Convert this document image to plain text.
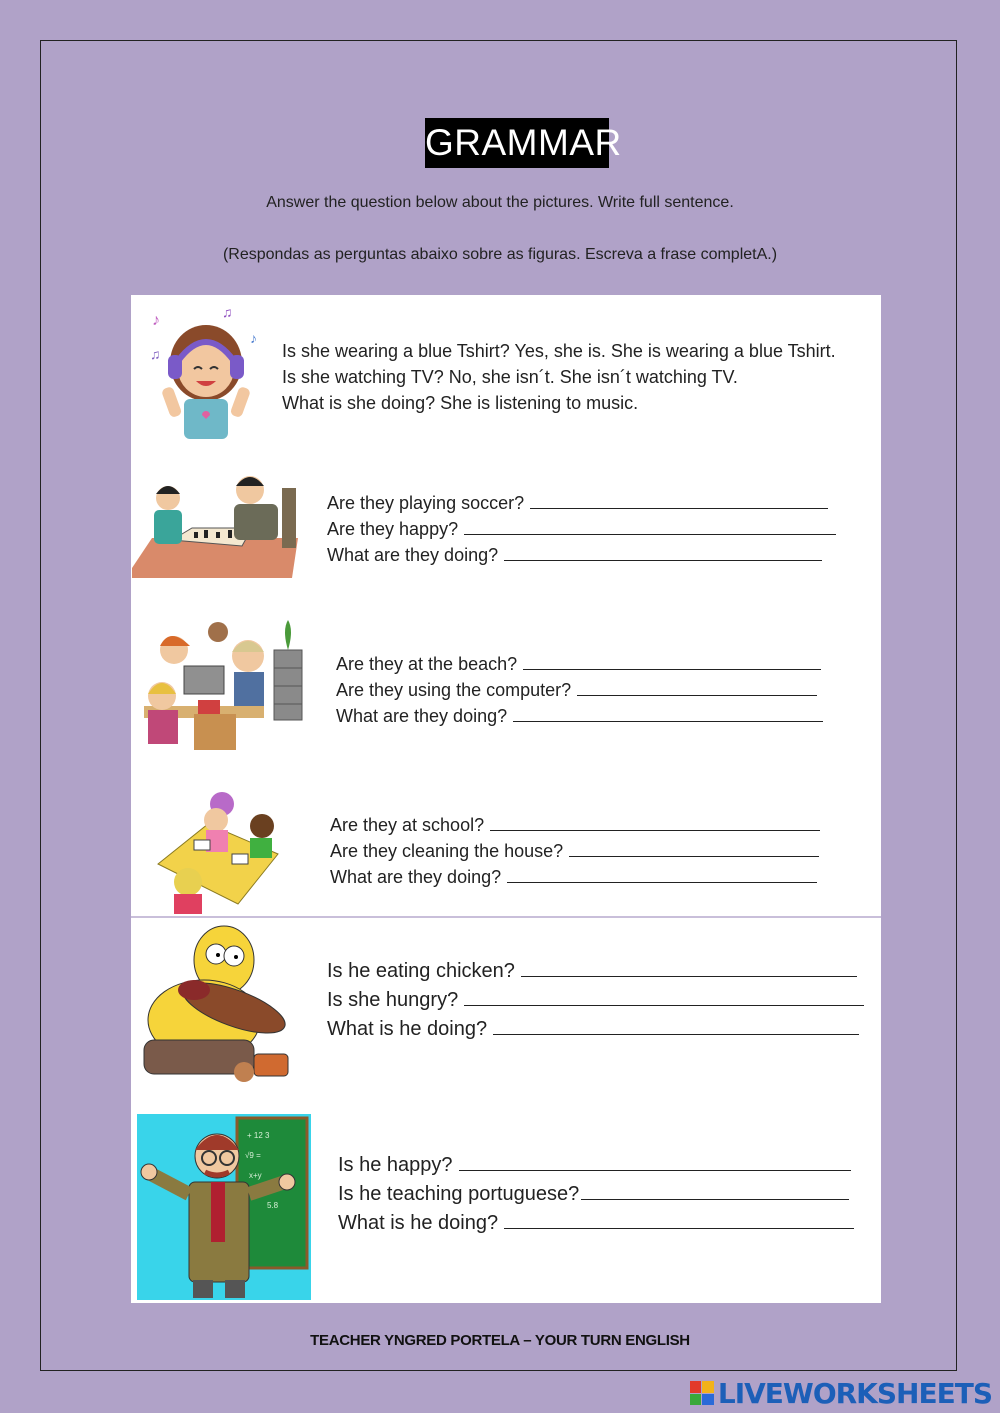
GRAMMAR
Answer the question below about the pictures. Write full sentence.
(Respondas as perguntas abaixo sobre as figuras. Escreva a frase completA.)
♪	♫
♪
♫	Is she wearing a blue Tshirt? Yes, she is. She is wearing a blue Tshirt.
Is she watching TV? No, she isn´t. She isn´t watching TV.
What is she doing? She is listening to music.
Are they playing soccer?
Are they happy?
What are they doing?
Are they at the beach?
Are they using the computer?
What are they doing?
Are they at school?
Are they cleaning the house?
What are they doing?
Is he eating chicken?
Is she hungry?
What is he doing?
+ 12 3
√9 =
x+y
5.8
Is he happy?
Is he teaching portuguese?
What is he doing?
TEACHER YNGRED PORTELA – YOUR TURN ENGLISH
LIVEWORKSHEETS
